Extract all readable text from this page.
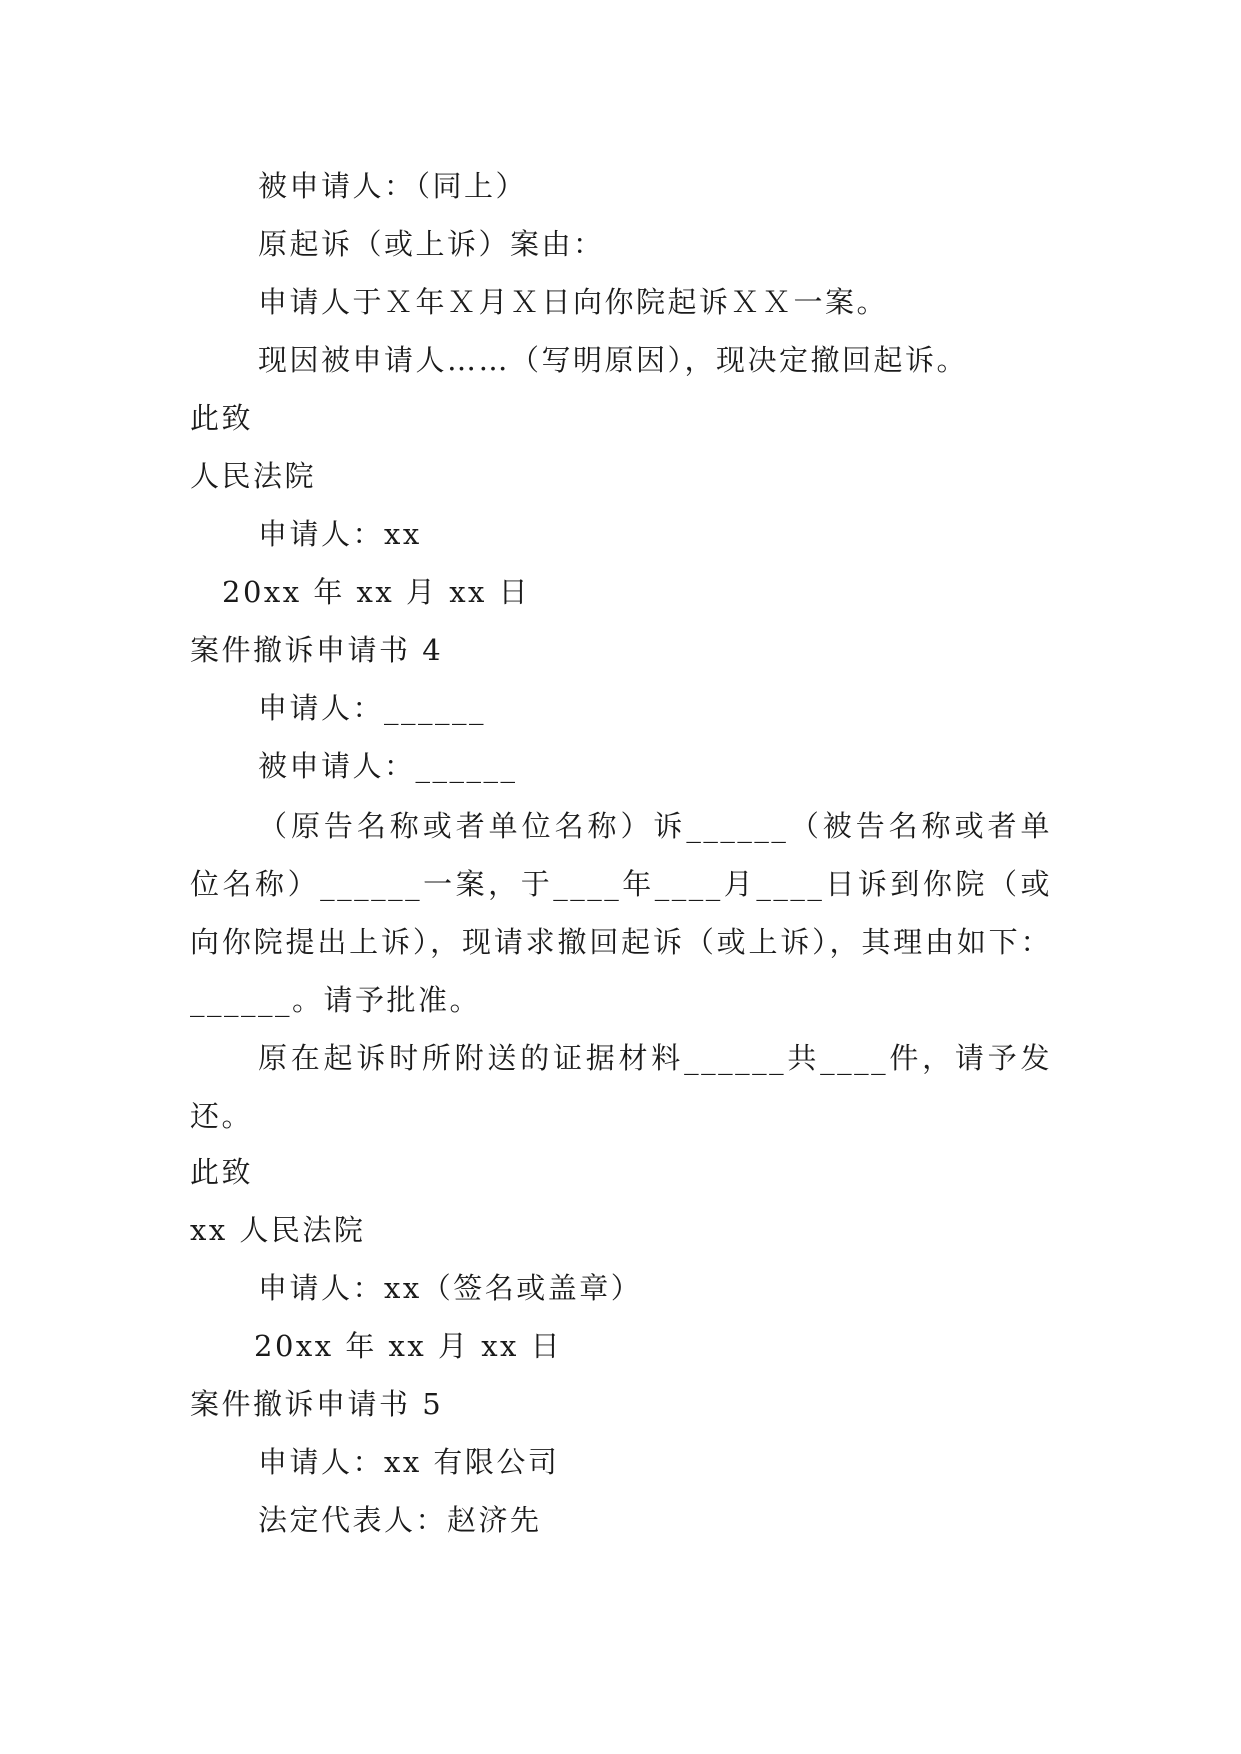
被申请人：（同上）
原起诉（或上诉）案由：
申请人于Ｘ年Ｘ月Ｘ日向你院起诉ＸＸ一案。
现因被申请人……（写明原因），现决定撤回起诉。
此致
人民法院
申请人：xx
20xx 年 xx 月 xx 日
案件撤诉申请书 4
申请人：______
被申请人：______
（原告名称或者单位名称）诉______（被告名称或者单位名称）______一案，于____年____月____日诉到你院（或向你院提出上诉），现请求撤回起诉（或上诉），其理由如下：______。请予批准。
原在起诉时所附送的证据材料______共____件，请予发还。
此致
xx 人民法院
申请人：xx（签名或盖章）
20xx 年 xx 月 xx 日
案件撤诉申请书 5
申请人：xx 有限公司
法定代表人：赵济先
